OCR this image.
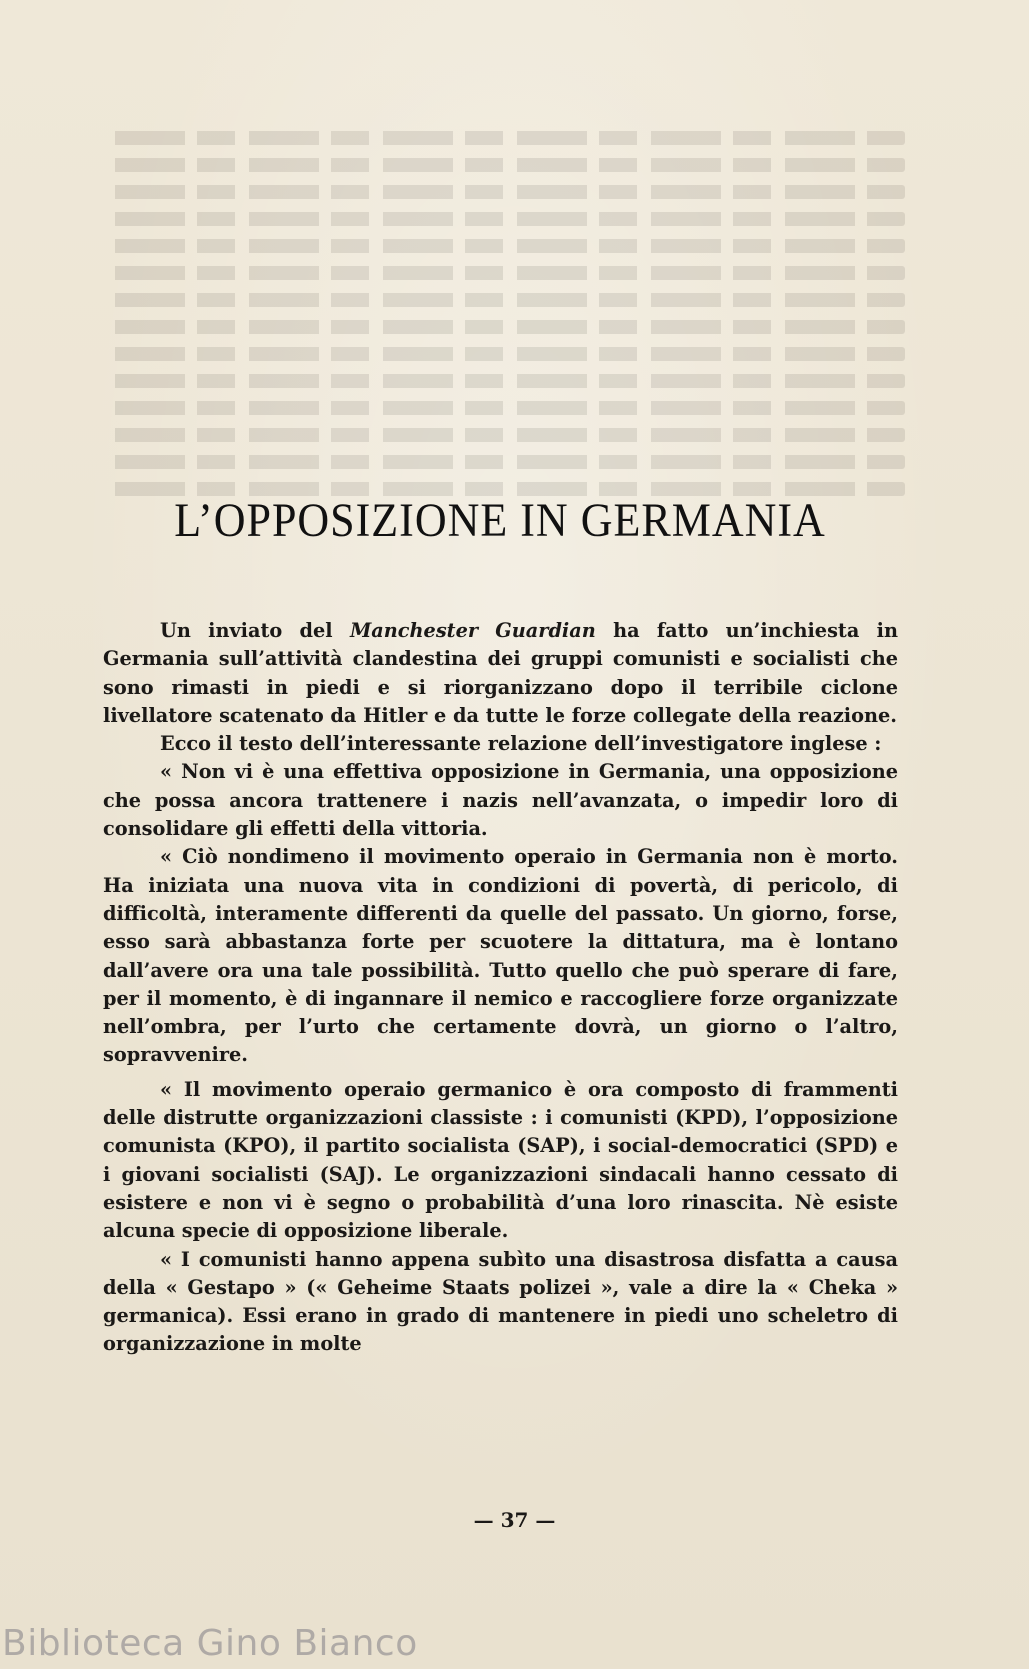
L’OPPOSIZIONE IN GERMANIA

Un inviato del Manchester Guardian ha fatto un’inchiesta in Germania sull’attività clandestina dei gruppi comunisti e socialisti che sono rimasti in piedi e si riorganizzano dopo il terribile ciclone livellatore scatenato da Hitler e da tutte le forze collegate della reazione.

Ecco il testo dell’interessante relazione dell’investigatore inglese :

« Non vi è una effettiva opposizione in Germania, una opposizione che possa ancora trattenere i nazis nell’avanzata, o impedir loro di consolidare gli effetti della vittoria.

« Ciò nondimeno il movimento operaio in Germania non è morto. Ha iniziata una nuova vita in condizioni di povertà, di pericolo, di difficoltà, interamente differenti da quelle del passato. Un giorno, forse, esso sarà abbastanza forte per scuotere la dittatura, ma è lontano dall’avere ora una tale possibilità. Tutto quello che può sperare di fare, per il momento, è di ingannare il nemico e raccogliere forze organizzate nell’ombra, per l’urto che certamente dovrà, un giorno o l’altro, sopravvenire.

« Il movimento operaio germanico è ora composto di frammenti delle distrutte organizzazioni classiste : i comunisti (KPD), l’opposizione comunista (KPO), il partito socialista (SAP), i social-democratici (SPD) e i giovani socialisti (SAJ). Le organizzazioni sindacali hanno cessato di esistere e non vi è segno o probabilità d’una loro rinascita. Nè esiste alcuna specie di opposizione liberale.

« I comunisti hanno appena subìto una disastrosa disfatta a causa della « Gestapo » (« Geheime Staats polizei », vale a dire la « Cheka » germanica). Essi erano in grado di mantenere in piedi uno scheletro di organizzazione in molte

— 37 —
Biblioteca Gino Bianco
